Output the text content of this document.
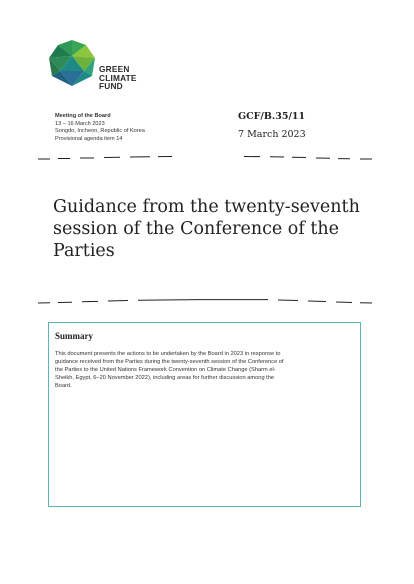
GREEN
CLIMATE
FUND
Meeting of the Board
13 – 16 March 2023
Songdo, Incheon, Republic of Korea
Provisional agenda item 14
GCF/B.35/11
7 March 2023
Guidance from the twenty-seventh
session of the Conference of the
Parties
Summary

This document presents the actions to be undertaken by the Board in 2023 in response to
guidance received from the Parties during the twenty-seventh session of the Conference of
the Parties to the United Nations Framework Convention on Climate Change (Sharm el-
Sheikh, Egypt, 6–20 November 2022), including areas for further discussion among the
Board.
